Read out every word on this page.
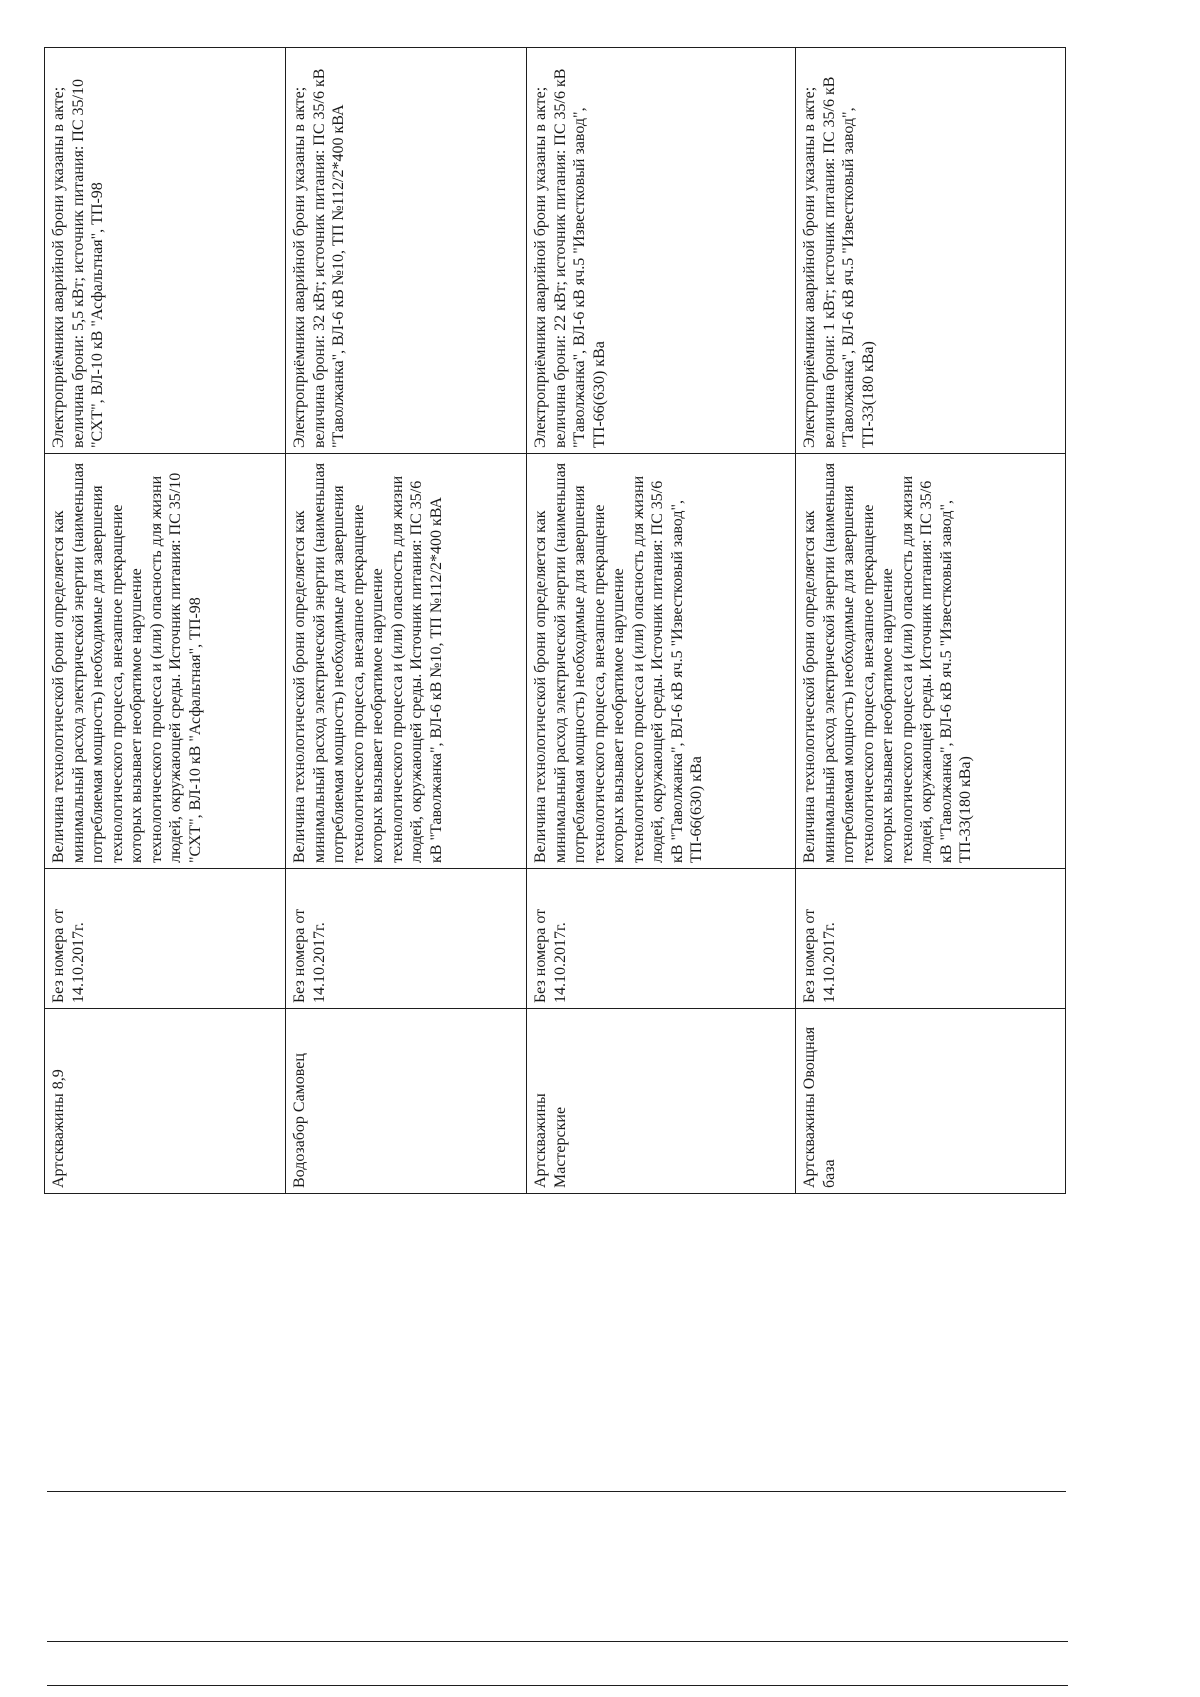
Артскважины 8,9	Без номера от 14.10.2017г.	Величина технологической брони определяется как минимальный расход электрической энергии (наименьшая потребляемая мощность) необходимые для завершения технологического процесса, внезапное прекращение которых вызывает необратимое нарушение технологического процесса и (или) опасность для жизни людей, окружающей среды. Источник питания: ПС 35/10 "СХТ", ВЛ-10 кВ "Асфальтная", ТП-98	Электроприёмники аварийной брони указаны в акте; величина брони: 5,5 кВт; источник питания: ПС 35/10 "СХТ", ВЛ-10 кВ "Асфальтная", ТП-98
Водозабор Самовец	Без номера от 14.10.2017г.	Величина технологической брони определяется как минимальный расход электрической энергии (наименьшая потребляемая мощность) необходимые для завершения технологического процесса, внезапное прекращение которых вызывает необратимое нарушение технологического процесса и (или) опасность для жизни людей, окружающей среды. Источник питания: ПС 35/6 кВ "Таволжанка", ВЛ-6 кВ №10, ТП №112/2*400 кВА	Электроприёмники аварийной брони указаны в акте; величина брони: 32 кВт; источник питания: ПС 35/6 кВ "Таволжанка", ВЛ-6 кВ №10, ТП №112/2*400 кВА
Артскважины Мастерские	Без номера от 14.10.2017г.	Величина технологической брони определяется как минимальный расход электрической энергии (наименьшая потребляемая мощность) необходимые для завершения технологического процесса, внезапное прекращение которых вызывает необратимое нарушение технологического процесса и (или) опасность для жизни людей, окружающей среды. Источник питания: ПС 35/6 кВ "Таволжанка", ВЛ-6 кВ яч.5 "Известковый завод", ТП-66(630) кВа	Электроприёмники аварийной брони указаны в акте; величина брони: 22 кВт; источник питания: ПС 35/6 кВ "Таволжанка", ВЛ-6 кВ яч.5 "Известковый завод", ТП-66(630) кВа
Артскважины Овощная база	Без номера от 14.10.2017г.	Величина технологической брони определяется как минимальный расход электрической энергии (наименьшая потребляемая мощность) необходимые для завершения технологического процесса, внезапное прекращение которых вызывает необратимое нарушение технологического процесса и (или) опасность для жизни людей, окружающей среды. Источник питания: ПС 35/6 кВ "Таволжанка", ВЛ-6 кВ яч.5 "Известковый завод", ТП-33(180 кВа)	Электроприёмники аварийной брони указаны в акте; величина брони: 1 кВт; источник питания: ПС 35/6 кВ "Таволжанка", ВЛ-6 кВ яч.5 "Известковый завод", ТП-33(180 кВа)
